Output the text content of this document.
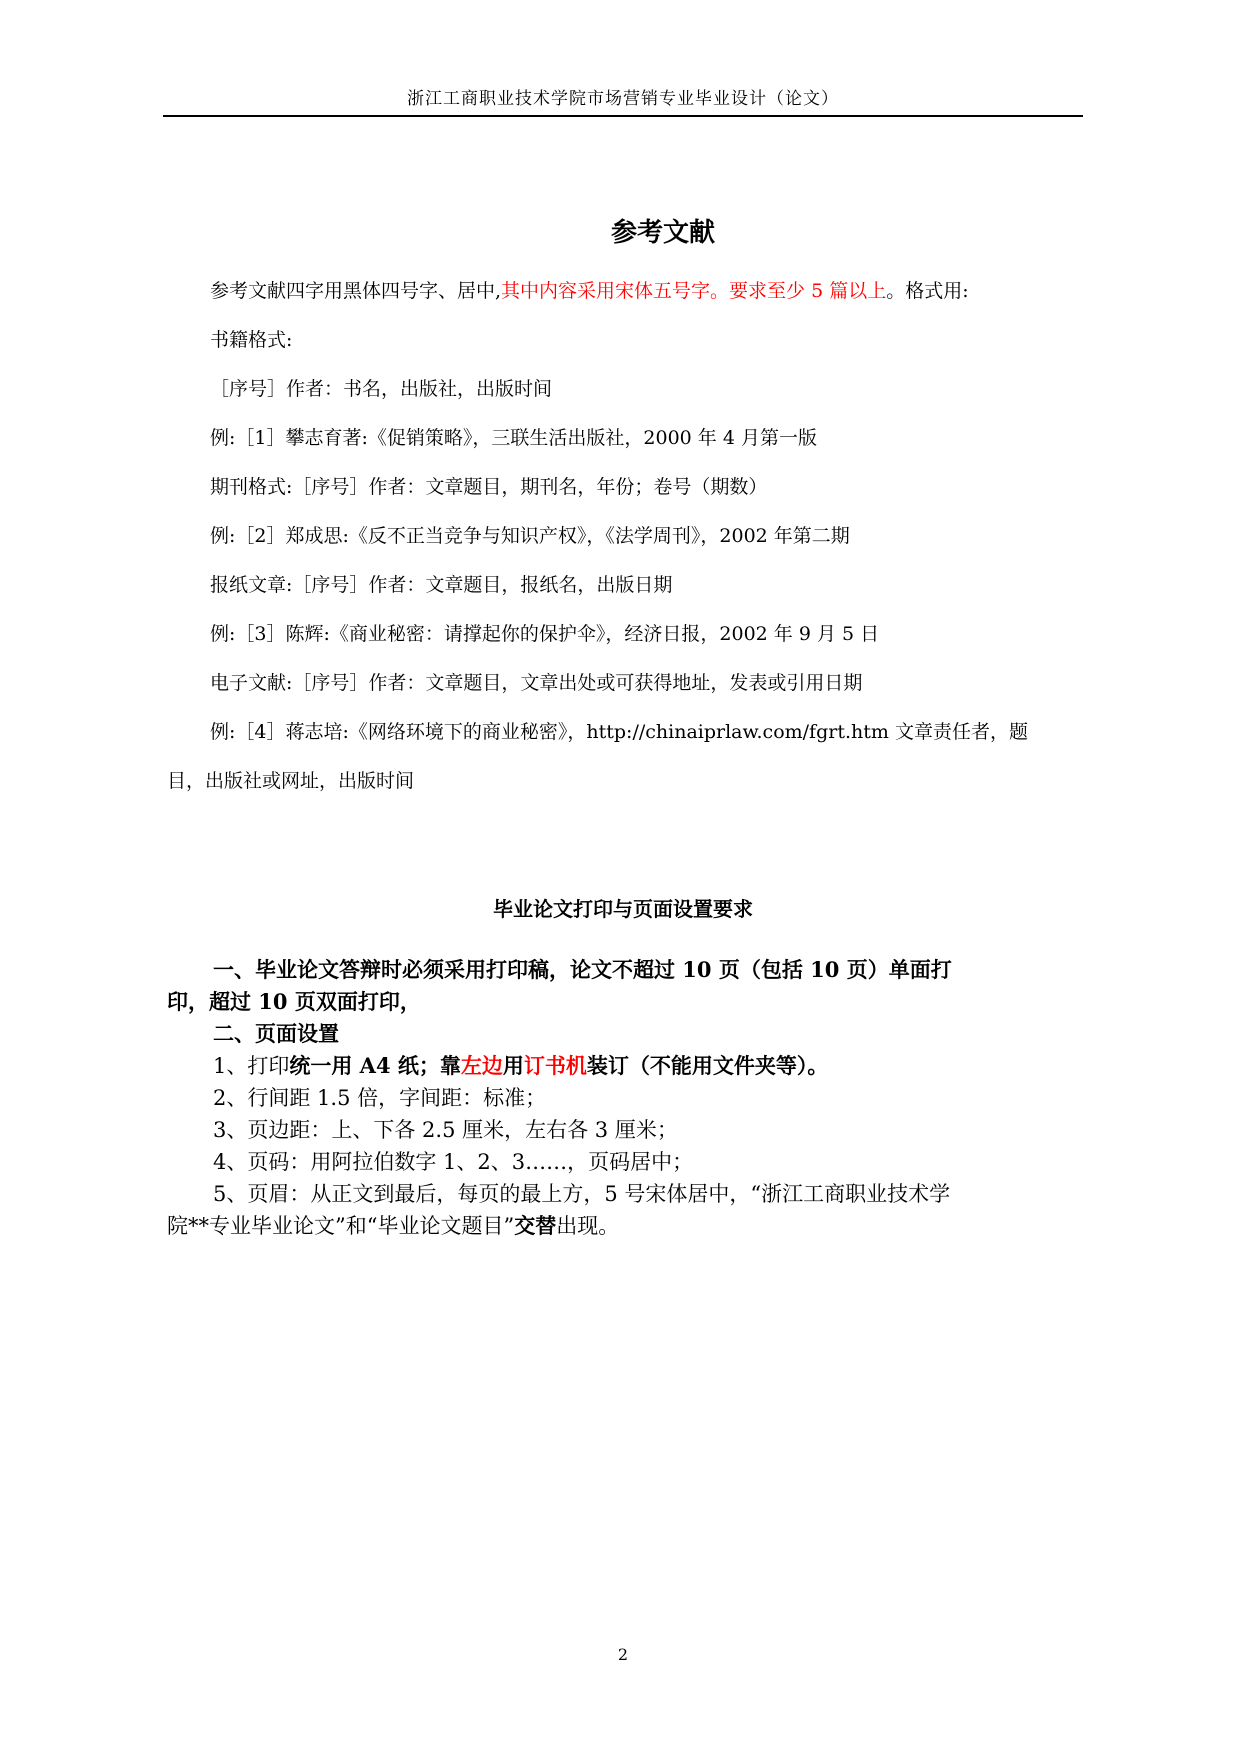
浙江工商职业技术学院市场营销专业毕业设计（论文）
参考文献
参考文献四字用黑体四号字、居中,其中内容采用宋体五号字。要求至少 5 篇以上。格式用:
书籍格式:
［序号］作者：书名，出版社，出版时间
例:［1］攀志育著:《促销策略》，三联生活出版社，2000 年 4 月第一版
期刊格式:［序号］作者：文章题目，期刊名，年份；卷号（期数）
例:［2］郑成思:《反不正当竞争与知识产权》，《法学周刊》，2002 年第二期
报纸文章:［序号］作者：文章题目，报纸名，出版日期
例:［3］陈辉:《商业秘密：请撑起你的保护伞》，经济日报，2002 年 9 月 5 日
电子文献:［序号］作者：文章题目，文章出处或可获得地址，发表或引用日期
例:［4］蒋志培:《网络环境下的商业秘密》，http://chinaiprlaw.com/fgrt.htm 文章责任者，题
目，出版社或网址，出版时间
毕业论文打印与页面设置要求
一、毕业论文答辩时必须采用打印稿，论文不超过 10 页（包括 10 页）单面打
印，超过 10 页双面打印，
二、页面设置
1、打印统一用 A4 纸；靠左边用订书机装订（不能用文件夹等）。
2、行间距 1.5 倍，字间距：标准；
3、页边距：上、下各 2.5 厘米，左右各 3 厘米；
4、页码：用阿拉伯数字 1、2、3……，页码居中；
5、页眉：从正文到最后，每页的最上方，5 号宋体居中，“浙江工商职业技术学
院**专业毕业论文”和“毕业论文题目”交替出现。
2
